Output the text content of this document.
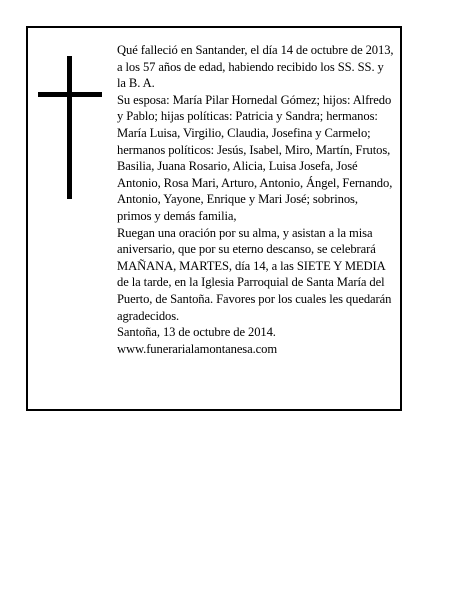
Qué falleció en Santander, el día 14 de octubre de 2013,
a los 57 años de edad, habiendo recibido los SS. SS. y
la B. A.
Su esposa: María Pilar Hornedal Gómez; hijos: Alfredo
y Pablo; hijas políticas: Patricia y Sandra; hermanos:
María Luisa, Virgilio, Claudia, Josefina y Carmelo;
hermanos políticos: Jesús, Isabel, Miro, Martín, Frutos,
Basilia, Juana Rosario, Alicia, Luisa Josefa, José
Antonio, Rosa Mari, Arturo, Antonio, Ángel, Fernando,
Antonio, Yayone, Enrique y Mari José; sobrinos,
primos y demás familia,
Ruegan una oración por su alma, y asistan a la misa
aniversario, que por su eterno descanso, se celebrará
MAÑANA, MARTES, día 14, a las SIETE Y MEDIA
de la tarde, en la Iglesia Parroquial de Santa María del
Puerto, de Santoña. Favores por los cuales les quedarán
agradecidos.
Santoña, 13 de octubre de 2014.
www.funerarialamontanesa.com
